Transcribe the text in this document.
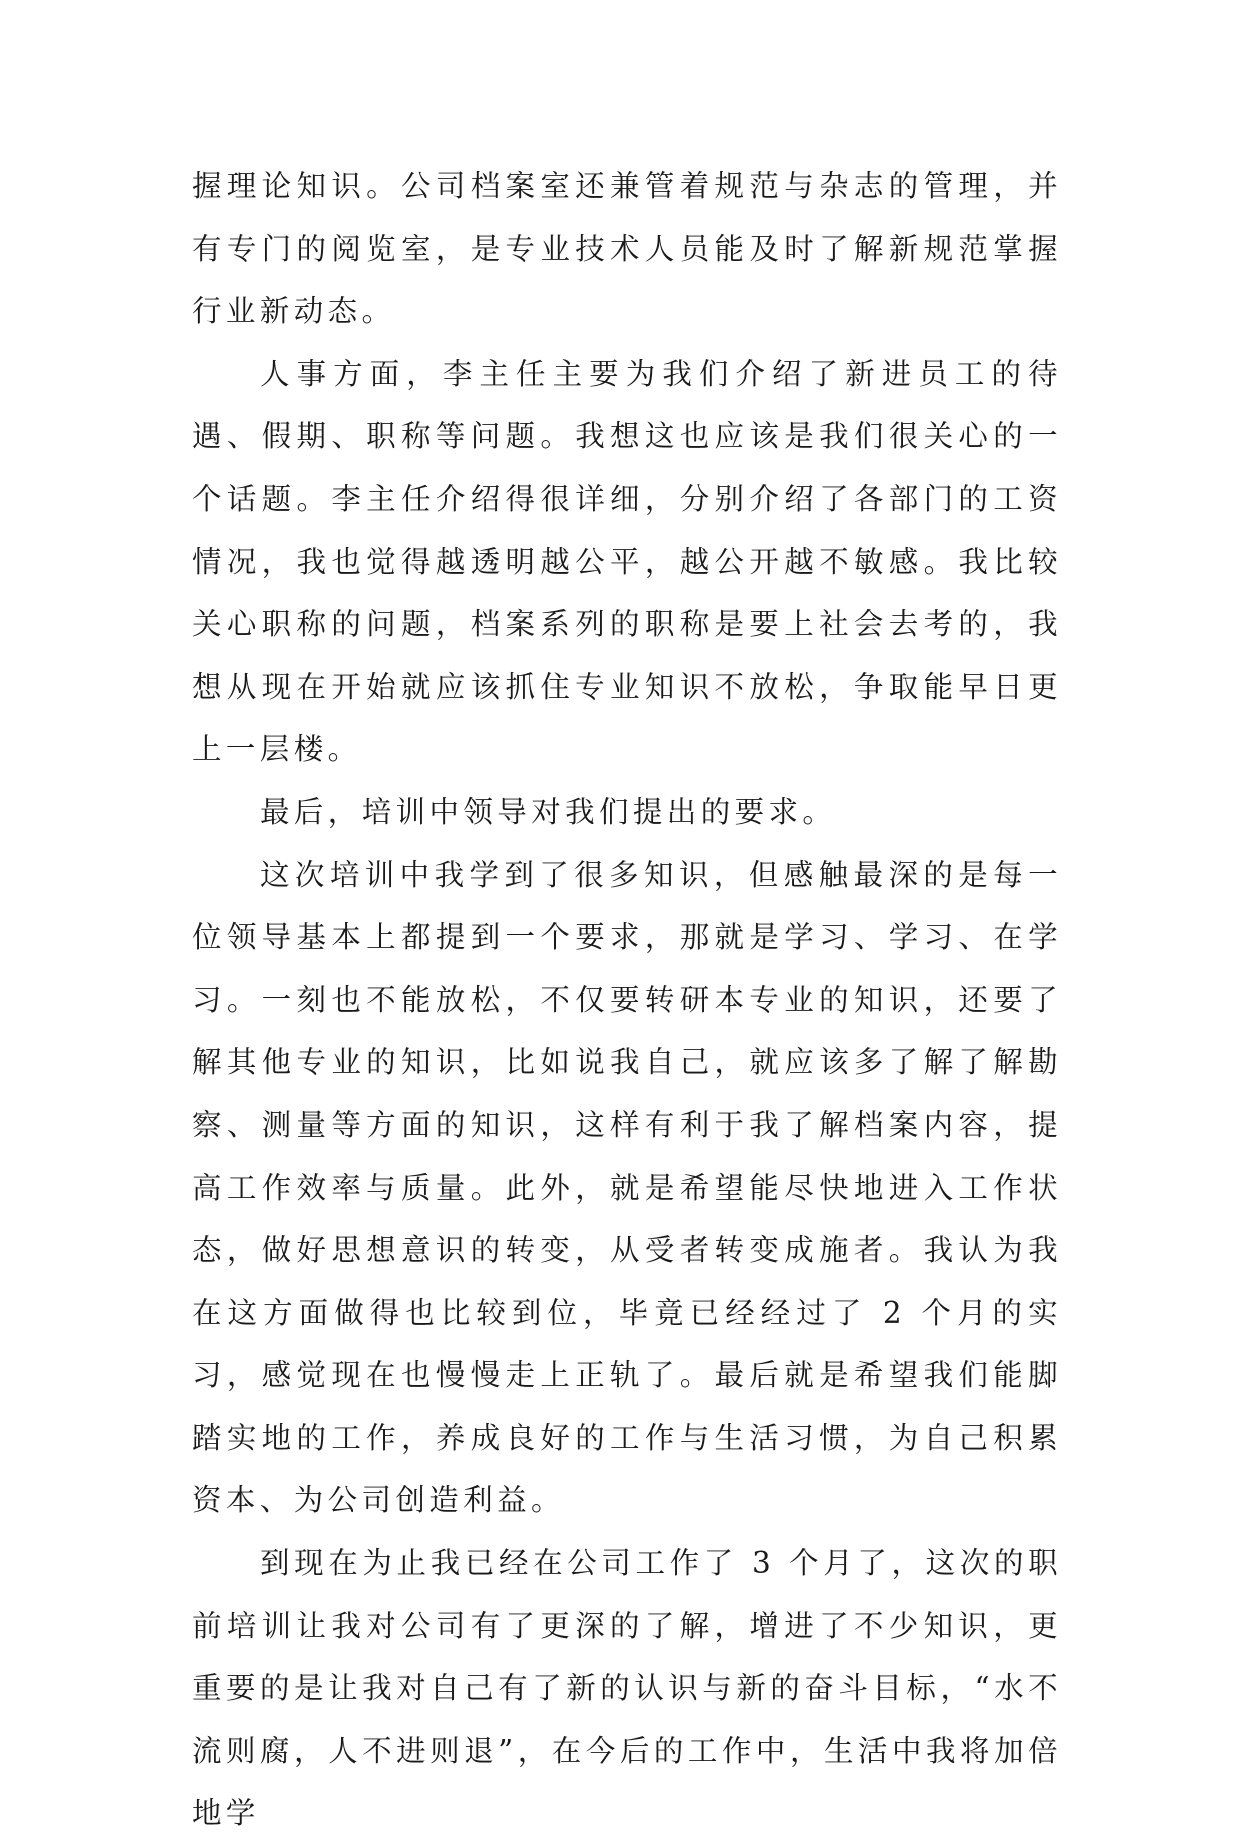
握理论知识。公司档案室还兼管着规范与杂志的管理，并有专门的阅览室，是专业技术人员能及时了解新规范掌握行业新动态。

人事方面，李主任主要为我们介绍了新进员工的待遇、假期、职称等问题。我想这也应该是我们很关心的一个话题。李主任介绍得很详细，分别介绍了各部门的工资情况，我也觉得越透明越公平，越公开越不敏感。我比较关心职称的问题，档案系列的职称是要上社会去考的，我想从现在开始就应该抓住专业知识不放松，争取能早日更上一层楼。

最后，培训中领导对我们提出的要求。

这次培训中我学到了很多知识，但感触最深的是每一位领导基本上都提到一个要求，那就是学习、学习、在学习。一刻也不能放松，不仅要转研本专业的知识，还要了解其他专业的知识，比如说我自己，就应该多了解了解勘察、测量等方面的知识，这样有利于我了解档案内容，提高工作效率与质量。此外，就是希望能尽快地进入工作状态，做好思想意识的转变，从受者转变成施者。我认为我在这方面做得也比较到位，毕竟已经经过了 2 个月的实习，感觉现在也慢慢走上正轨了。最后就是希望我们能脚踏实地的工作，养成良好的工作与生活习惯，为自己积累资本、为公司创造利益。

到现在为止我已经在公司工作了 3 个月了，这次的职前培训让我对公司有了更深的了解，增进了不少知识，更重要的是让我对自己有了新的认识与新的奋斗目标，“水不流则腐，人不进则退”，在今后的工作中，生活中我将加倍地学
